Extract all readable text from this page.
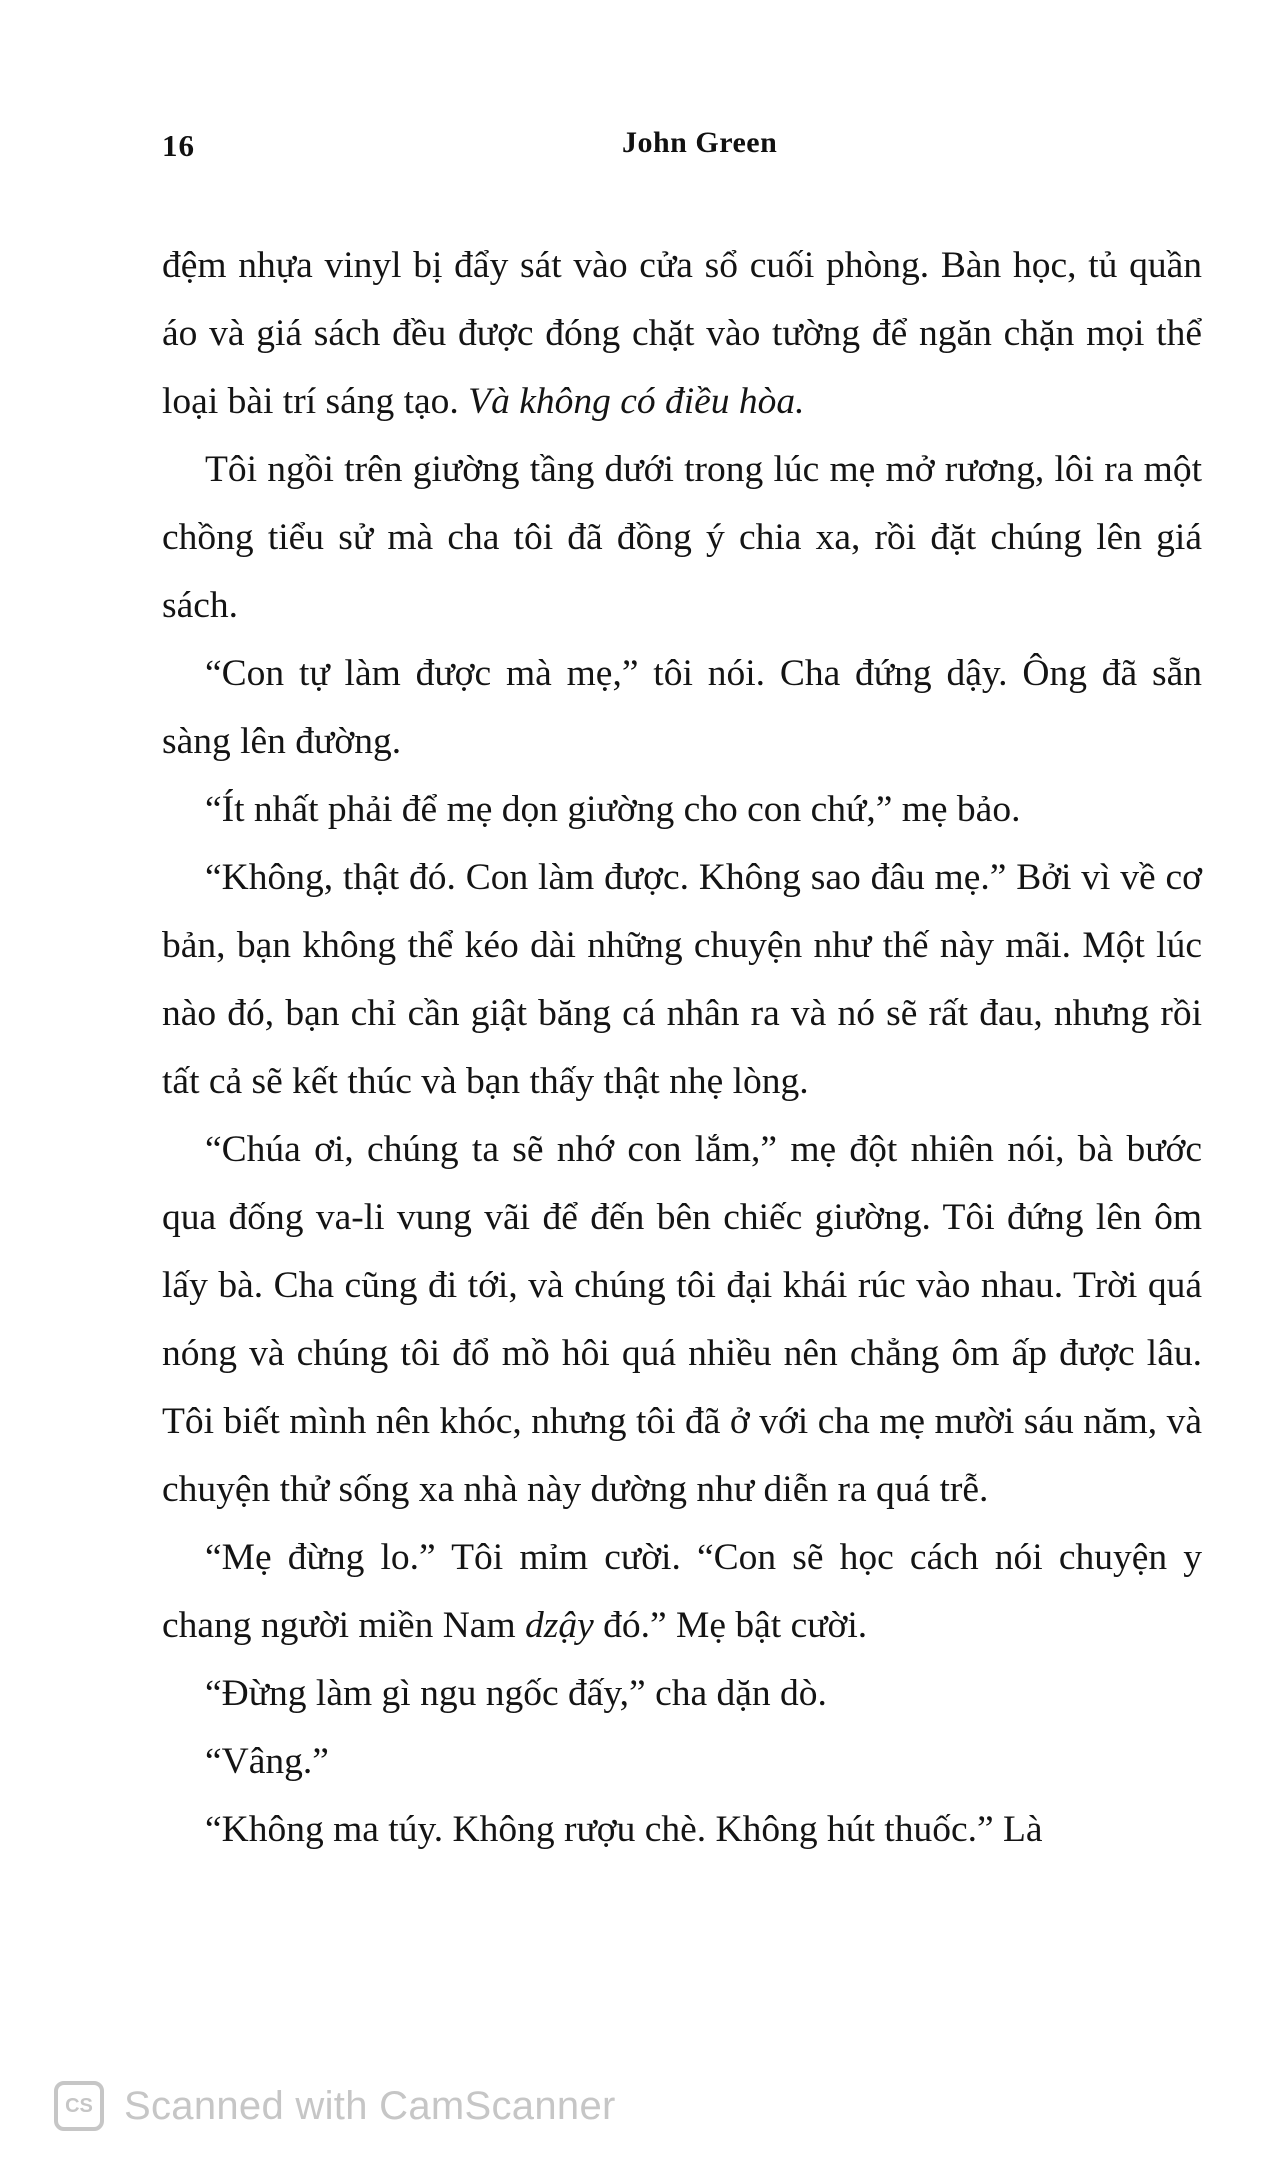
16	John Green

đệm nhựa vinyl bị đẩy sát vào cửa sổ cuối phòng. Bàn học, tủ quần áo và giá sách đều được đóng chặt vào tường để ngăn chặn mọi thể loại bài trí sáng tạo. Và không có điều hòa.

Tôi ngồi trên giường tầng dưới trong lúc mẹ mở rương, lôi ra một chồng tiểu sử mà cha tôi đã đồng ý chia xa, rồi đặt chúng lên giá sách.

“Con tự làm được mà mẹ,” tôi nói. Cha đứng dậy. Ông đã sẵn sàng lên đường.

“Ít nhất phải để mẹ dọn giường cho con chứ,” mẹ bảo.

“Không, thật đó. Con làm được. Không sao đâu mẹ.” Bởi vì về cơ bản, bạn không thể kéo dài những chuyện như thế này mãi. Một lúc nào đó, bạn chỉ cần giật băng cá nhân ra và nó sẽ rất đau, nhưng rồi tất cả sẽ kết thúc và bạn thấy thật nhẹ lòng.

“Chúa ơi, chúng ta sẽ nhớ con lắm,” mẹ đột nhiên nói, bà bước qua đống va-li vung vãi để đến bên chiếc giường. Tôi đứng lên ôm lấy bà. Cha cũng đi tới, và chúng tôi đại khái rúc vào nhau. Trời quá nóng và chúng tôi đổ mồ hôi quá nhiều nên chẳng ôm ấp được lâu. Tôi biết mình nên khóc, nhưng tôi đã ở với cha mẹ mười sáu năm, và chuyện thử sống xa nhà này dường như diễn ra quá trễ.

“Mẹ đừng lo.” Tôi mỉm cười. “Con sẽ học cách nói chuyện y chang người miền Nam dzậy đó.” Mẹ bật cười.

“Đừng làm gì ngu ngốc đấy,” cha dặn dò.

“Vâng.”

“Không ma túy. Không rượu chè. Không hút thuốc.” Là

CS Scanned with CamScanner
